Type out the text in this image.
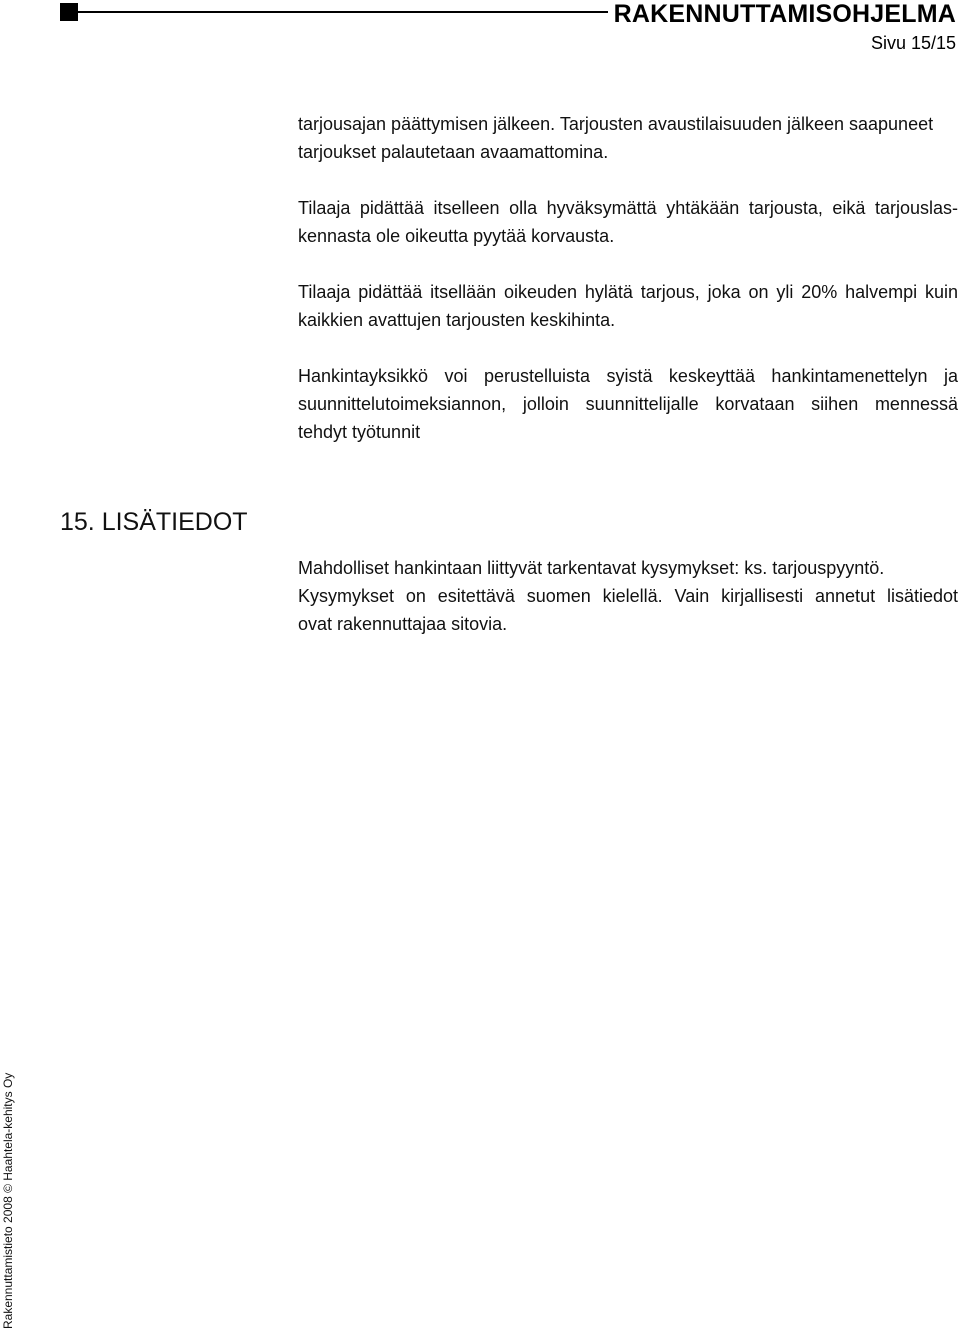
RAKENNUTTAMISOHJELMA
Sivu 15/15

tarjousajan päättymisen jälkeen. Tarjousten avaustilaisuuden jälkeen saapuneet
tarjoukset palautetaan avaamattomina.

Tilaaja pidättää itselleen olla hyväksymättä yhtäkään tarjousta, eikä tarjouslas-
kennasta ole oikeutta pyytää korvausta.

Tilaaja pidättää itsellään oikeuden hylätä tarjous, joka on yli 20% halvempi kuin
kaikkien avattujen tarjousten keskihinta.

Hankintayksikkö voi perustelluista syistä keskeyttää hankintamenettelyn ja
suunnittelutoimeksiannon, jolloin suunnittelijalle korvataan siihen mennessä
tehdyt työtunnit

15. LISÄTIEDOT

Mahdolliset hankintaan liittyvät tarkentavat kysymykset: ks. tarjouspyyntö.
Kysymykset on esitettävä suomen kielellä. Vain kirjallisesti annetut lisätiedot
ovat rakennuttajaa sitovia.

Rakennuttamistieto 2008 © Haahtela-kehitys Oy
